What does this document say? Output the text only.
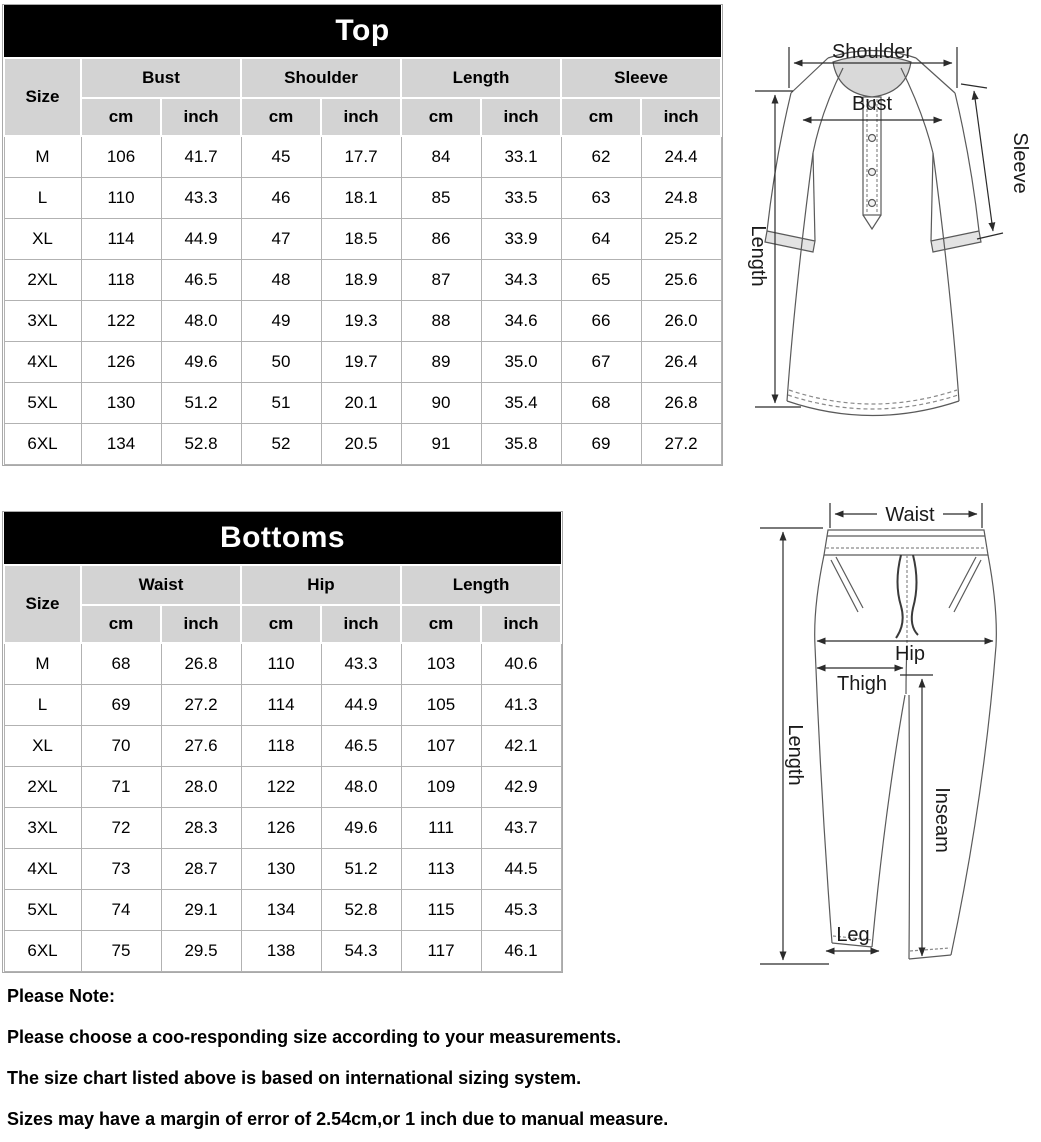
Top								
Size	Bust		Shoulder		Length		Sleeve	
	cm	inch	cm	inch	cm	inch	cm	inch
M	106	41.7	45	17.7	84	33.1	62	24.4
L	110	43.3	46	18.1	85	33.5	63	24.8
XL	114	44.9	47	18.5	86	33.9	64	25.2
2XL	118	46.5	48	18.9	87	34.3	65	25.6
3XL	122	48.0	49	19.3	88	34.6	66	26.0
4XL	126	49.6	50	19.7	89	35.0	67	26.4
5XL	130	51.2	51	20.1	90	35.4	68	26.8
6XL	134	52.8	52	20.5	91	35.8	69	27.2
Shoulder
Bust
Length
Sleeve
Bottoms						
Size	Waist		Hip		Length	
	cm	inch	cm	inch	cm	inch
M	68	26.8	110	43.3	103	40.6
L	69	27.2	114	44.9	105	41.3
XL	70	27.6	118	46.5	107	42.1
2XL	71	28.0	122	48.0	109	42.9
3XL	72	28.3	126	49.6	111	43.7
4XL	73	28.7	130	51.2	113	44.5
5XL	74	29.1	134	52.8	115	45.3
6XL	75	29.5	138	54.3	117	46.1
Waist
Hip
Thigh
Length
Inseam
Leg

Please Note:

Please choose a coo-responding size according to your measurements.

The size chart listed above is based on international sizing system.

Sizes may have a margin of error of 2.54cm,or 1 inch due to manual measure.
